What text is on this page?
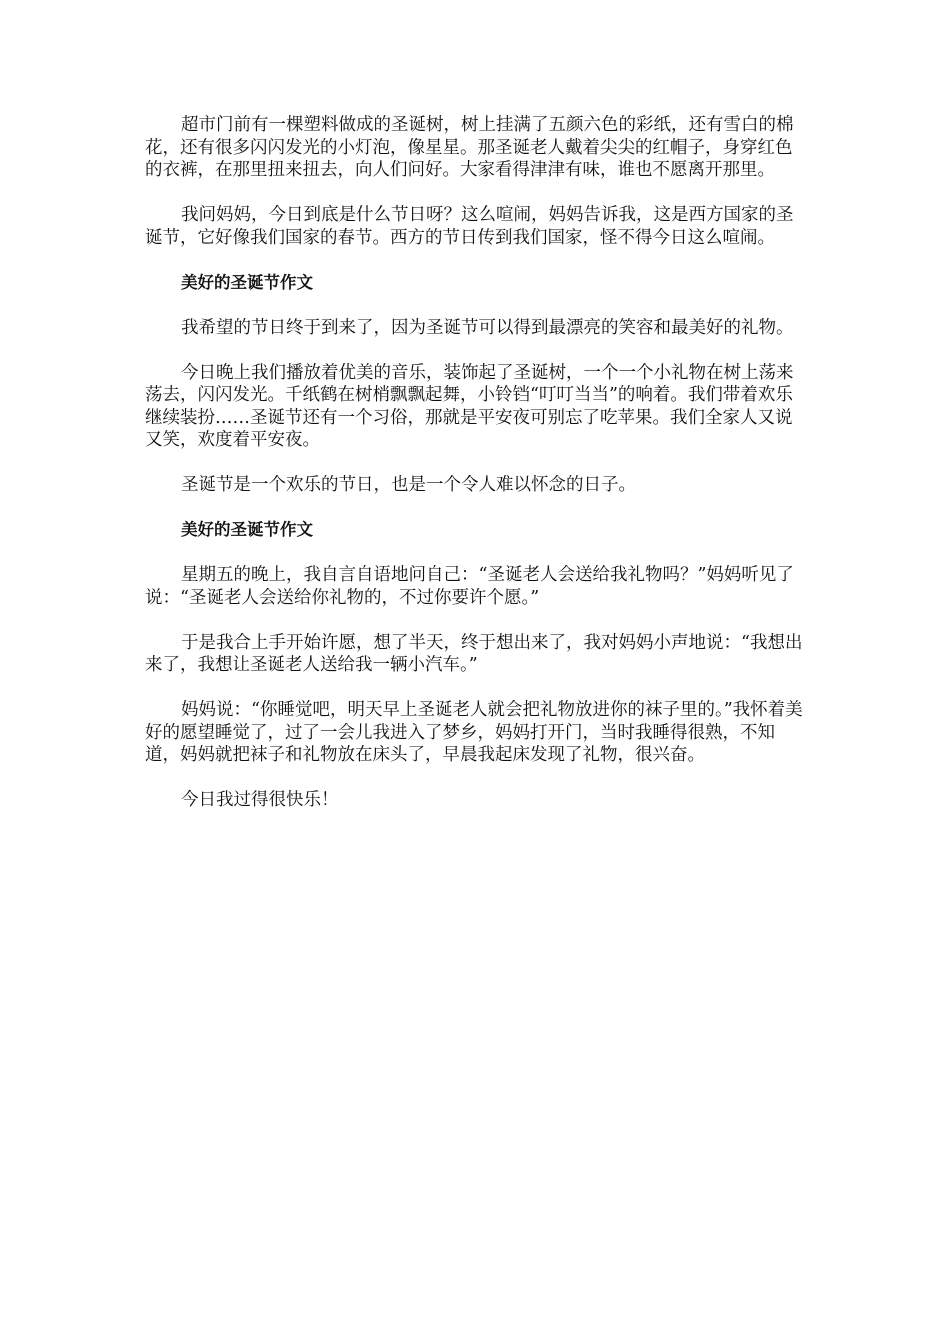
超市门前有一棵塑料做成的圣诞树，树上挂满了五颜六色的彩纸，还有雪白的棉花，还有很多闪闪发光的小灯泡，像星星。那圣诞老人戴着尖尖的红帽子，身穿红色的衣裤，在那里扭来扭去，向人们问好。大家看得津津有味，谁也不愿离开那里。

我问妈妈，今日到底是什么节日呀？这么喧闹，妈妈告诉我，这是西方国家的圣诞节，它好像我们国家的春节。西方的节日传到我们国家，怪不得今日这么喧闹。

美好的圣诞节作文

我希望的节日终于到来了，因为圣诞节可以得到最漂亮的笑容和最美好的礼物。

今日晚上我们播放着优美的音乐，装饰起了圣诞树，一个一个小礼物在树上荡来荡去，闪闪发光。千纸鹤在树梢飘飘起舞，小铃铛“叮叮当当”的响着。我们带着欢乐继续装扮……圣诞节还有一个习俗，那就是平安夜可别忘了吃苹果。我们全家人又说又笑，欢度着平安夜。

圣诞节是一个欢乐的节日，也是一个令人难以怀念的日子。

美好的圣诞节作文

星期五的晚上，我自言自语地问自己：“圣诞老人会送给我礼物吗？”妈妈听见了说：“圣诞老人会送给你礼物的，不过你要许个愿。”

于是我合上手开始许愿，想了半天，终于想出来了，我对妈妈小声地说：“我想出来了，我想让圣诞老人送给我一辆小汽车。”

妈妈说：“你睡觉吧，明天早上圣诞老人就会把礼物放进你的袜子里的。”我怀着美好的愿望睡觉了，过了一会儿我进入了梦乡，妈妈打开门，当时我睡得很熟，不知道，妈妈就把袜子和礼物放在床头了，早晨我起床发现了礼物，很兴奋。

今日我过得很快乐！
